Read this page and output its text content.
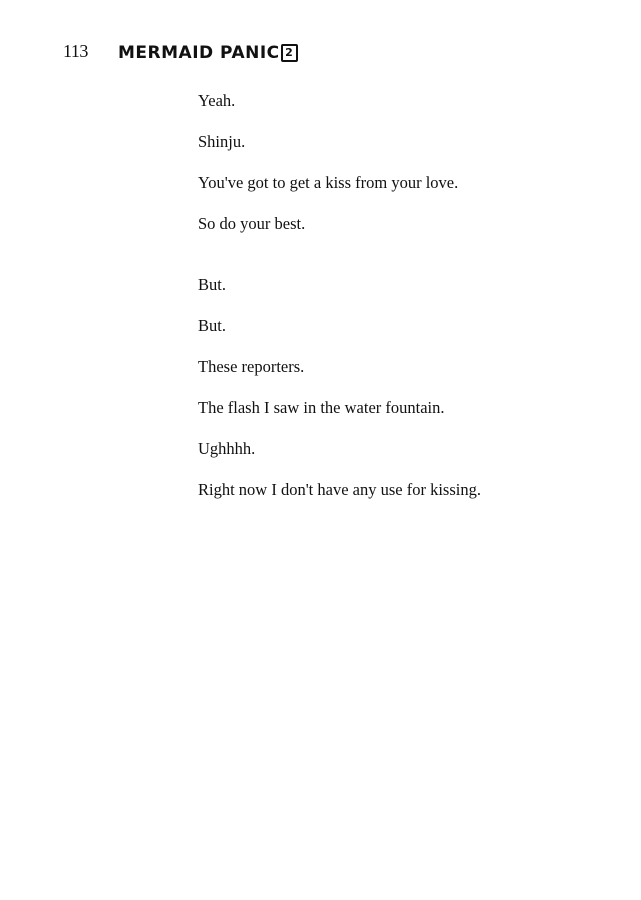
113 MERMAID PANIC 2

Yeah.

Shinju.

You've got to get a kiss from your love.

So do your best.

But.

But.

These reporters.

The flash I saw in the water fountain.

Ughhhh.

Right now I don't have any use for kissing.
